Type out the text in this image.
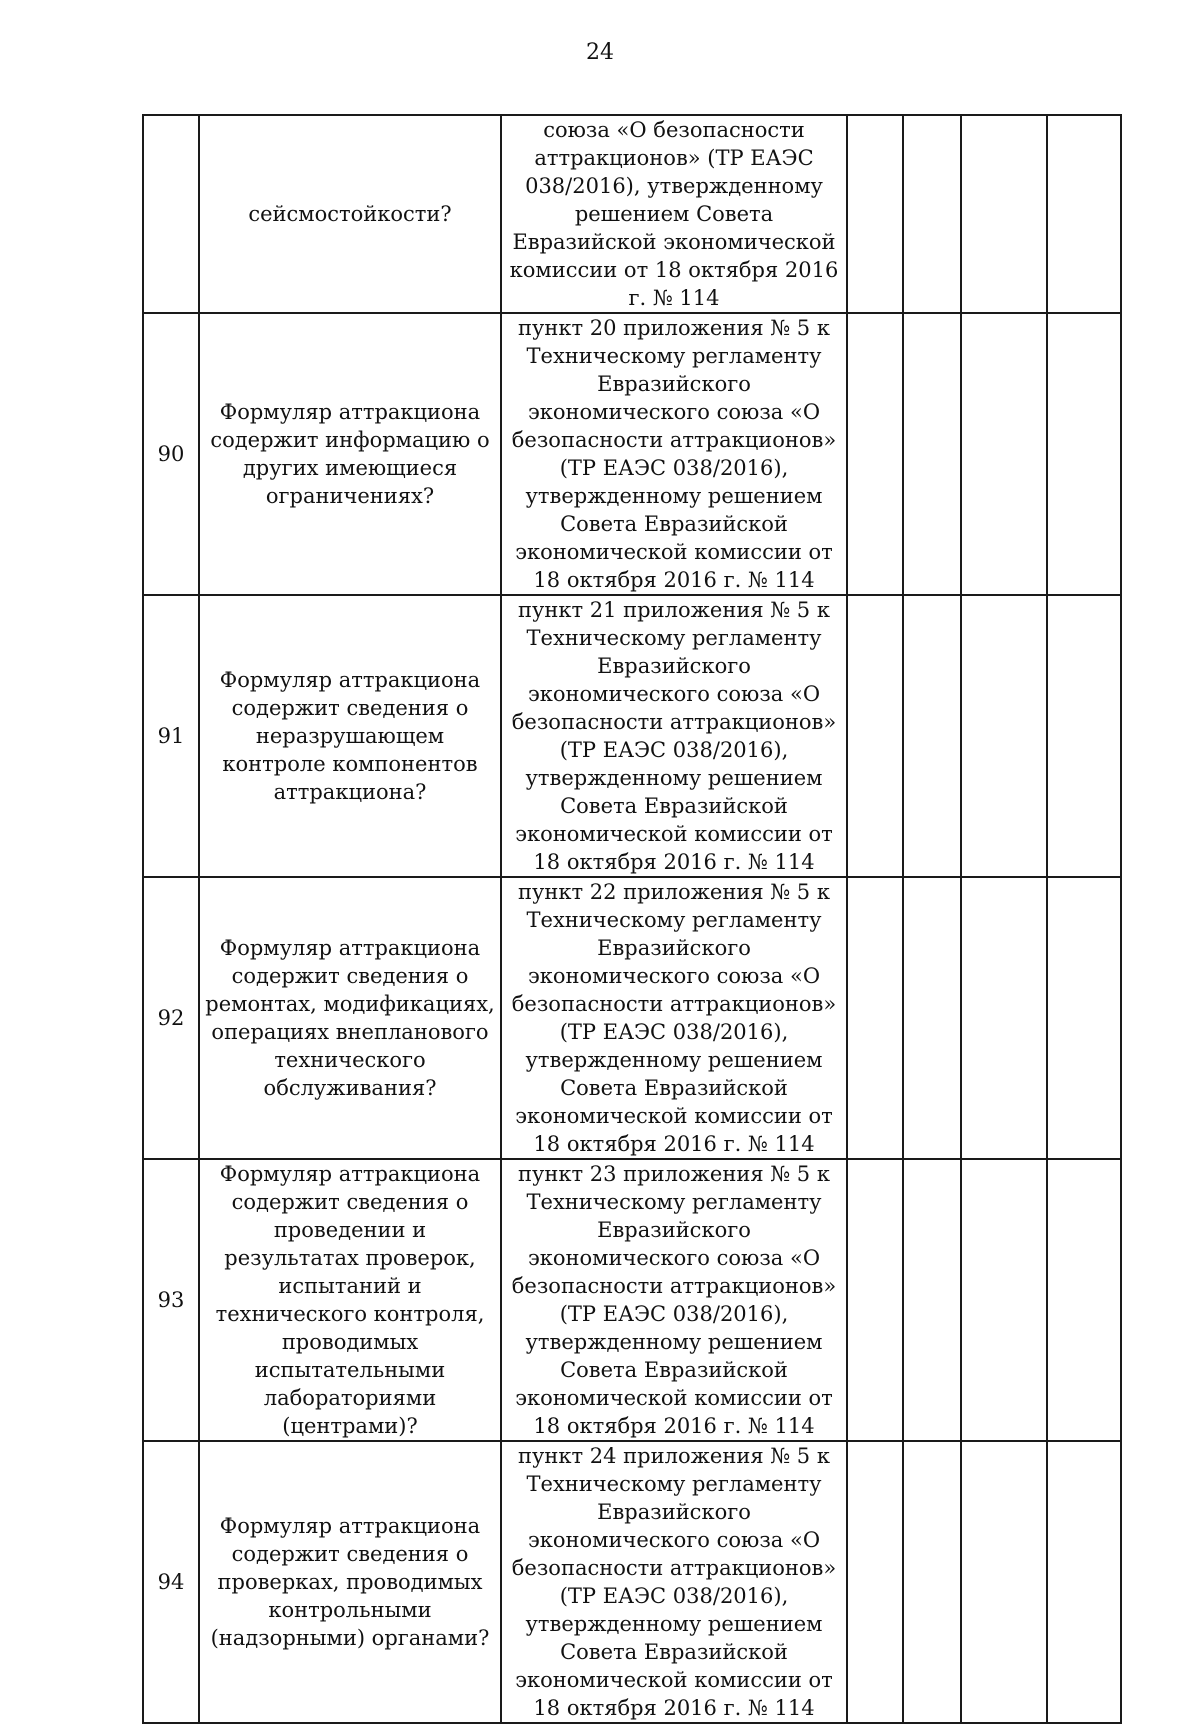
24
	сейсмостойкости?	союза «О безопасности аттракционов» (ТР ЕАЭС 038/2016), утвержденному решением Совета Евразийской экономической комиссии от 18 октября 2016 г. № 114				
90	Формуляр аттракциона содержит информацию о других имеющиеся ограничениях?	пункт 20 приложения № 5 к Техническому регламенту Евразийского экономического союза «О безопасности аттракционов» (ТР ЕАЭС 038/2016), утвержденному решением Совета Евразийской экономической комиссии от 18 октября 2016 г. № 114				
91	Формуляр аттракциона содержит сведения о неразрушающем контроле компонентов аттракциона?	пункт 21 приложения № 5 к Техническому регламенту Евразийского экономического союза «О безопасности аттракционов» (ТР ЕАЭС 038/2016), утвержденному решением Совета Евразийской экономической комиссии от 18 октября 2016 г. № 114				
92	Формуляр аттракциона содержит сведения о ремонтах, модификациях, операциях внепланового технического обслуживания?	пункт 22 приложения № 5 к Техническому регламенту Евразийского экономического союза «О безопасности аттракционов» (ТР ЕАЭС 038/2016), утвержденному решением Совета Евразийской экономической комиссии от 18 октября 2016 г. № 114				
93	Формуляр аттракциона содержит сведения о проведении и результатах проверок, испытаний и технического контроля, проводимых испытательными лабораториями (центрами)?	пункт 23 приложения № 5 к Техническому регламенту Евразийского экономического союза «О безопасности аттракционов» (ТР ЕАЭС 038/2016), утвержденному решением Совета Евразийской экономической комиссии от 18 октября 2016 г. № 114				
94	Формуляр аттракциона содержит сведения о проверках, проводимых контрольными (надзорными) органами?	пункт 24 приложения № 5 к Техническому регламенту Евразийского экономического союза «О безопасности аттракционов» (ТР ЕАЭС 038/2016), утвержденному решением Совета Евразийской экономической комиссии от 18 октября 2016 г. № 114				
